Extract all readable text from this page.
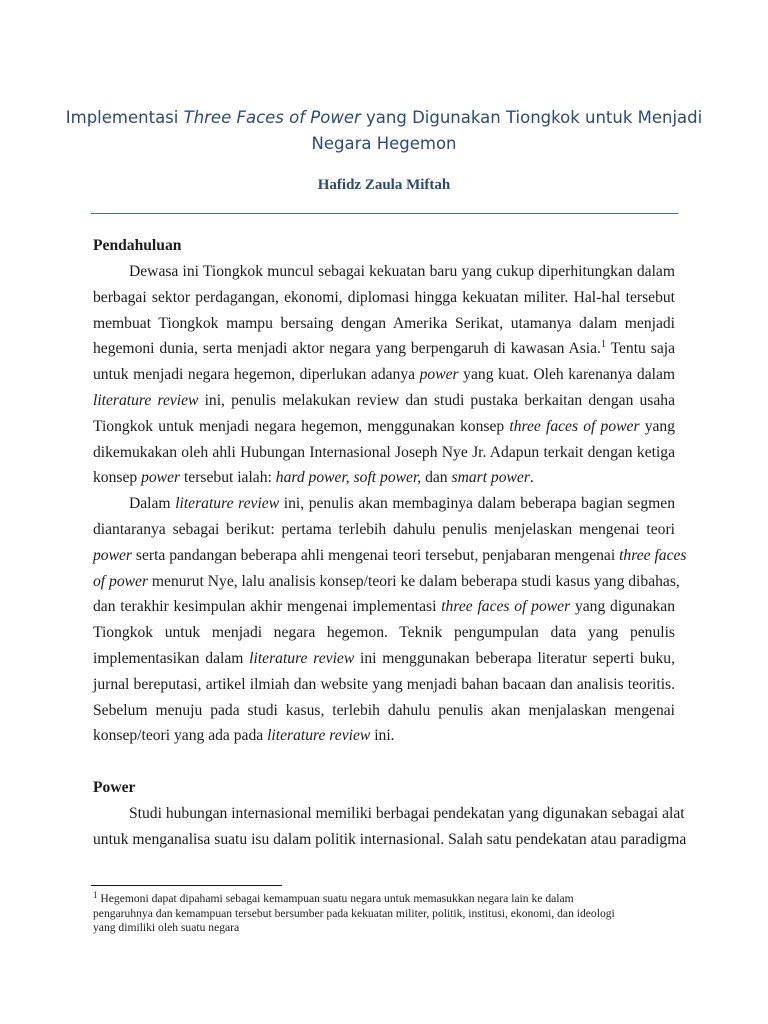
Implementasi Three Faces of Power yang Digunakan Tiongkok untuk Menjadi
Negara Hegemon
Hafidz Zaula Miftah
Pendahuluan
Dewasa ini Tiongkok muncul sebagai kekuatan baru yang cukup diperhitungkan dalam
berbagai sektor perdagangan, ekonomi, diplomasi hingga kekuatan militer. Hal-hal tersebut
membuat Tiongkok mampu bersaing dengan Amerika Serikat, utamanya dalam menjadi
hegemoni dunia, serta menjadi aktor negara yang berpengaruh di kawasan Asia.$^1$ Tentu saja
untuk menjadi negara hegemon, diperlukan adanya power yang kuat. Oleh karenanya dalam
literature review ini, penulis melakukan review dan studi pustaka berkaitan dengan usaha
Tiongkok untuk menjadi negara hegemon, menggunakan konsep three faces of power yang
dikemukakan oleh ahli Hubungan Internasional Joseph Nye Jr. Adapun terkait dengan ketiga
konsep power tersebut ialah: hard power, soft power, dan smart power.
Dalam literature review ini, penulis akan membaginya dalam beberapa bagian segmen
diantaranya sebagai berikut: pertama terlebih dahulu penulis menjelaskan mengenai teori
power serta pandangan beberapa ahli mengenai teori tersebut, penjabaran mengenai three faces
of power menurut Nye, lalu analisis konsep/teori ke dalam beberapa studi kasus yang dibahas,
dan terakhir kesimpulan akhir mengenai implementasi three faces of power yang digunakan
Tiongkok untuk menjadi negara hegemon. Teknik pengumpulan data yang penulis
implementasikan dalam literature review ini menggunakan beberapa literatur seperti buku,
jurnal bereputasi, artikel ilmiah dan website yang menjadi bahan bacaan dan analisis teoritis.
Sebelum menuju pada studi kasus, terlebih dahulu penulis akan menjalaskan mengenai
konsep/teori yang ada pada literature review ini.
Power
Studi hubungan internasional memiliki berbagai pendekatan yang digunakan sebagai alat
untuk menganalisa suatu isu dalam politik internasional. Salah satu pendekatan atau paradigma
$^1$ Hegemoni dapat dipahami sebagai kemampuan suatu negara untuk memasukkan negara lain ke dalam
pengaruhnya dan kemampuan tersebut bersumber pada kekuatan militer, politik, institusi, ekonomi, dan ideologi
yang dimiliki oleh suatu negara
